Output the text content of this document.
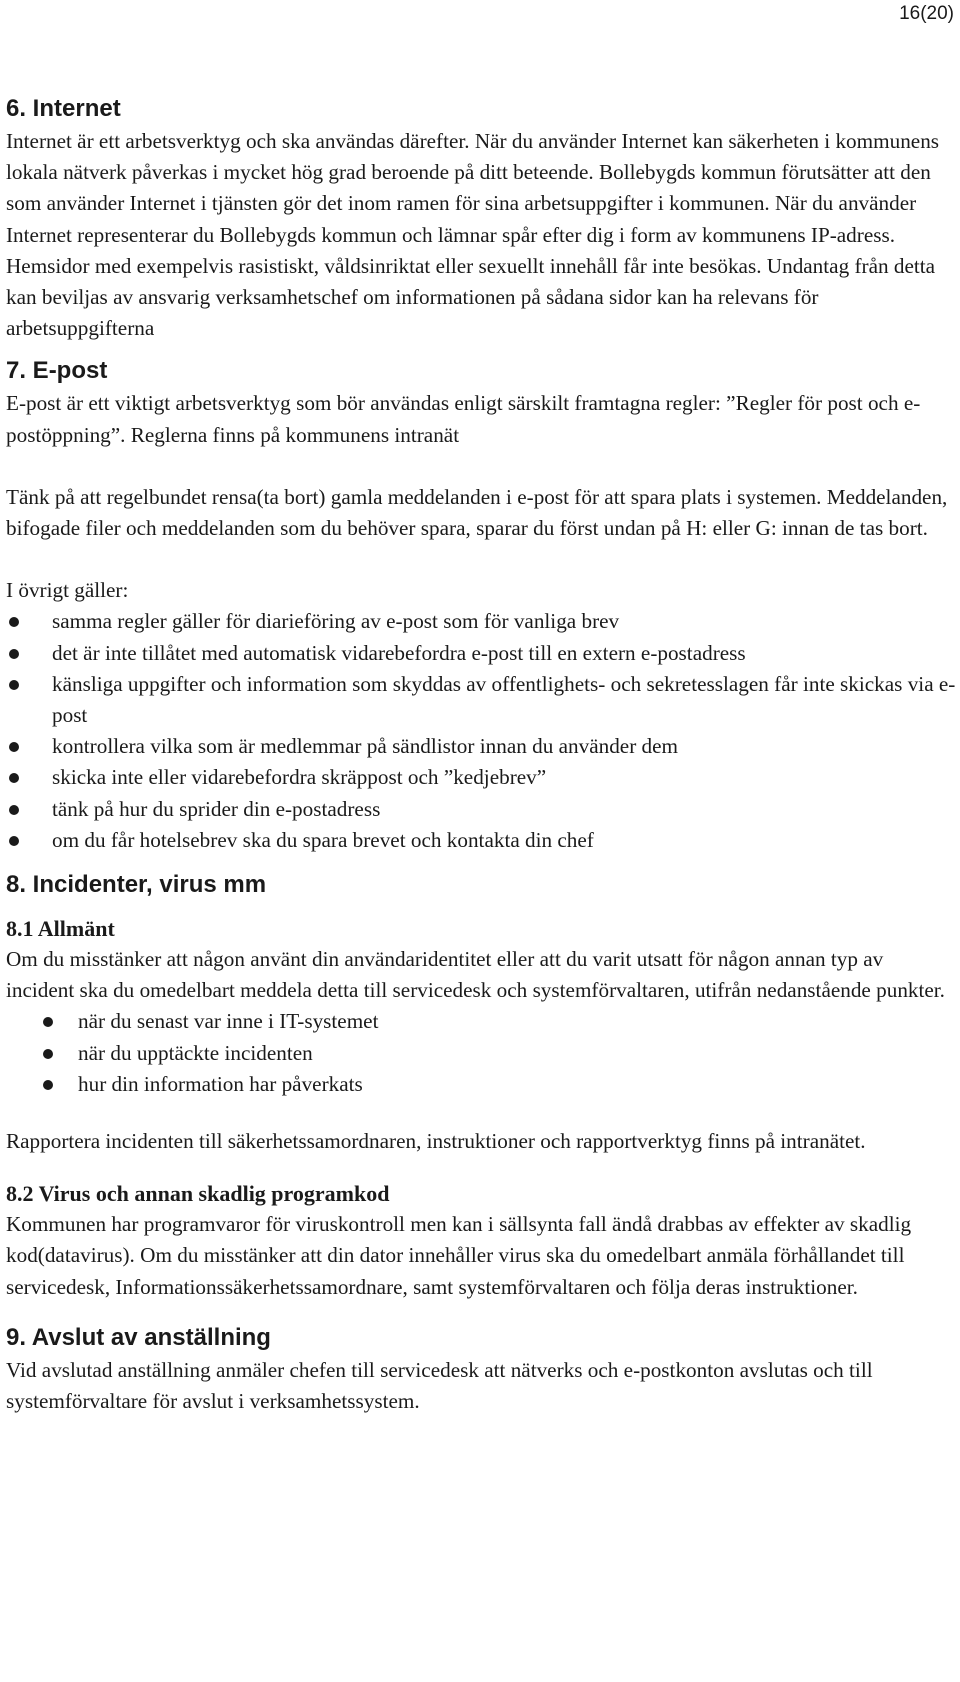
16(20)
6. Internet

Internet är ett arbetsverktyg och ska användas därefter. När du använder Internet kan säkerheten i kommunens lokala nätverk påverkas i mycket hög grad beroende på ditt beteende. Bollebygds kommun förutsätter att den som använder Internet i tjänsten gör det inom ramen för sina arbetsuppgifter i kommunen. När du använder Internet representerar du Bollebygds kommun och lämnar spår efter dig i form av kommunens IP-adress. Hemsidor med exempelvis rasistiskt, våldsinriktat eller sexuellt innehåll får inte besökas. Undantag från detta kan beviljas av ansvarig verksamhetschef om informationen på sådana sidor kan ha relevans för arbetsuppgifterna

7. E-post

E-post är ett viktigt arbetsverktyg som bör användas enligt särskilt framtagna regler: ”Regler för post och e-postöppning”. Reglerna finns på kommunens intranät

Tänk på att regelbundet rensa(ta bort) gamla meddelanden i e-post för att spara plats i systemen. Meddelanden, bifogade filer och meddelanden som du behöver spara, sparar du först undan på H: eller G: innan de tas bort.

I övrigt gäller:

samma regler gäller för diarieföring av e-post som för vanliga brev
det är inte tillåtet med automatisk vidarebefordra e-post till en extern e-postadress
känsliga uppgifter och information som skyddas av offentlighets- och sekretesslagen får inte skickas via e-post
kontrollera vilka som är medlemmar på sändlistor innan du använder dem
skicka inte eller vidarebefordra skräppost och ”kedjebrev”
tänk på hur du sprider din e-postadress
om du får hotelsebrev ska du spara brevet och kontakta din chef
8. Incidenter, virus mm
8.1 Allmänt

Om du misstänker att någon använt din användaridentitet eller att du varit utsatt för någon annan typ av incident ska du omedelbart meddela detta till servicedesk och systemförvaltaren, utifrån nedanstående punkter.

när du senast var inne i IT-systemet
när du upptäckte incidenten
hur din information har påverkats

Rapportera incidenten till säkerhetssamordnaren, instruktioner och rapportverktyg finns på intranätet.

8.2 Virus och annan skadlig programkod

Kommunen har programvaror för viruskontroll men kan i sällsynta fall ändå drabbas av effekter av skadlig kod(datavirus). Om du misstänker att din dator innehåller virus ska du omedelbart anmäla förhållandet till servicedesk, Informationssäkerhetssamordnare, samt systemförvaltaren och följa deras instruktioner.

9. Avslut av anställning

Vid avslutad anställning anmäler chefen till servicedesk att nätverks och e-postkonton avslutas och till systemförvaltare för avslut i verksamhetssystem.
